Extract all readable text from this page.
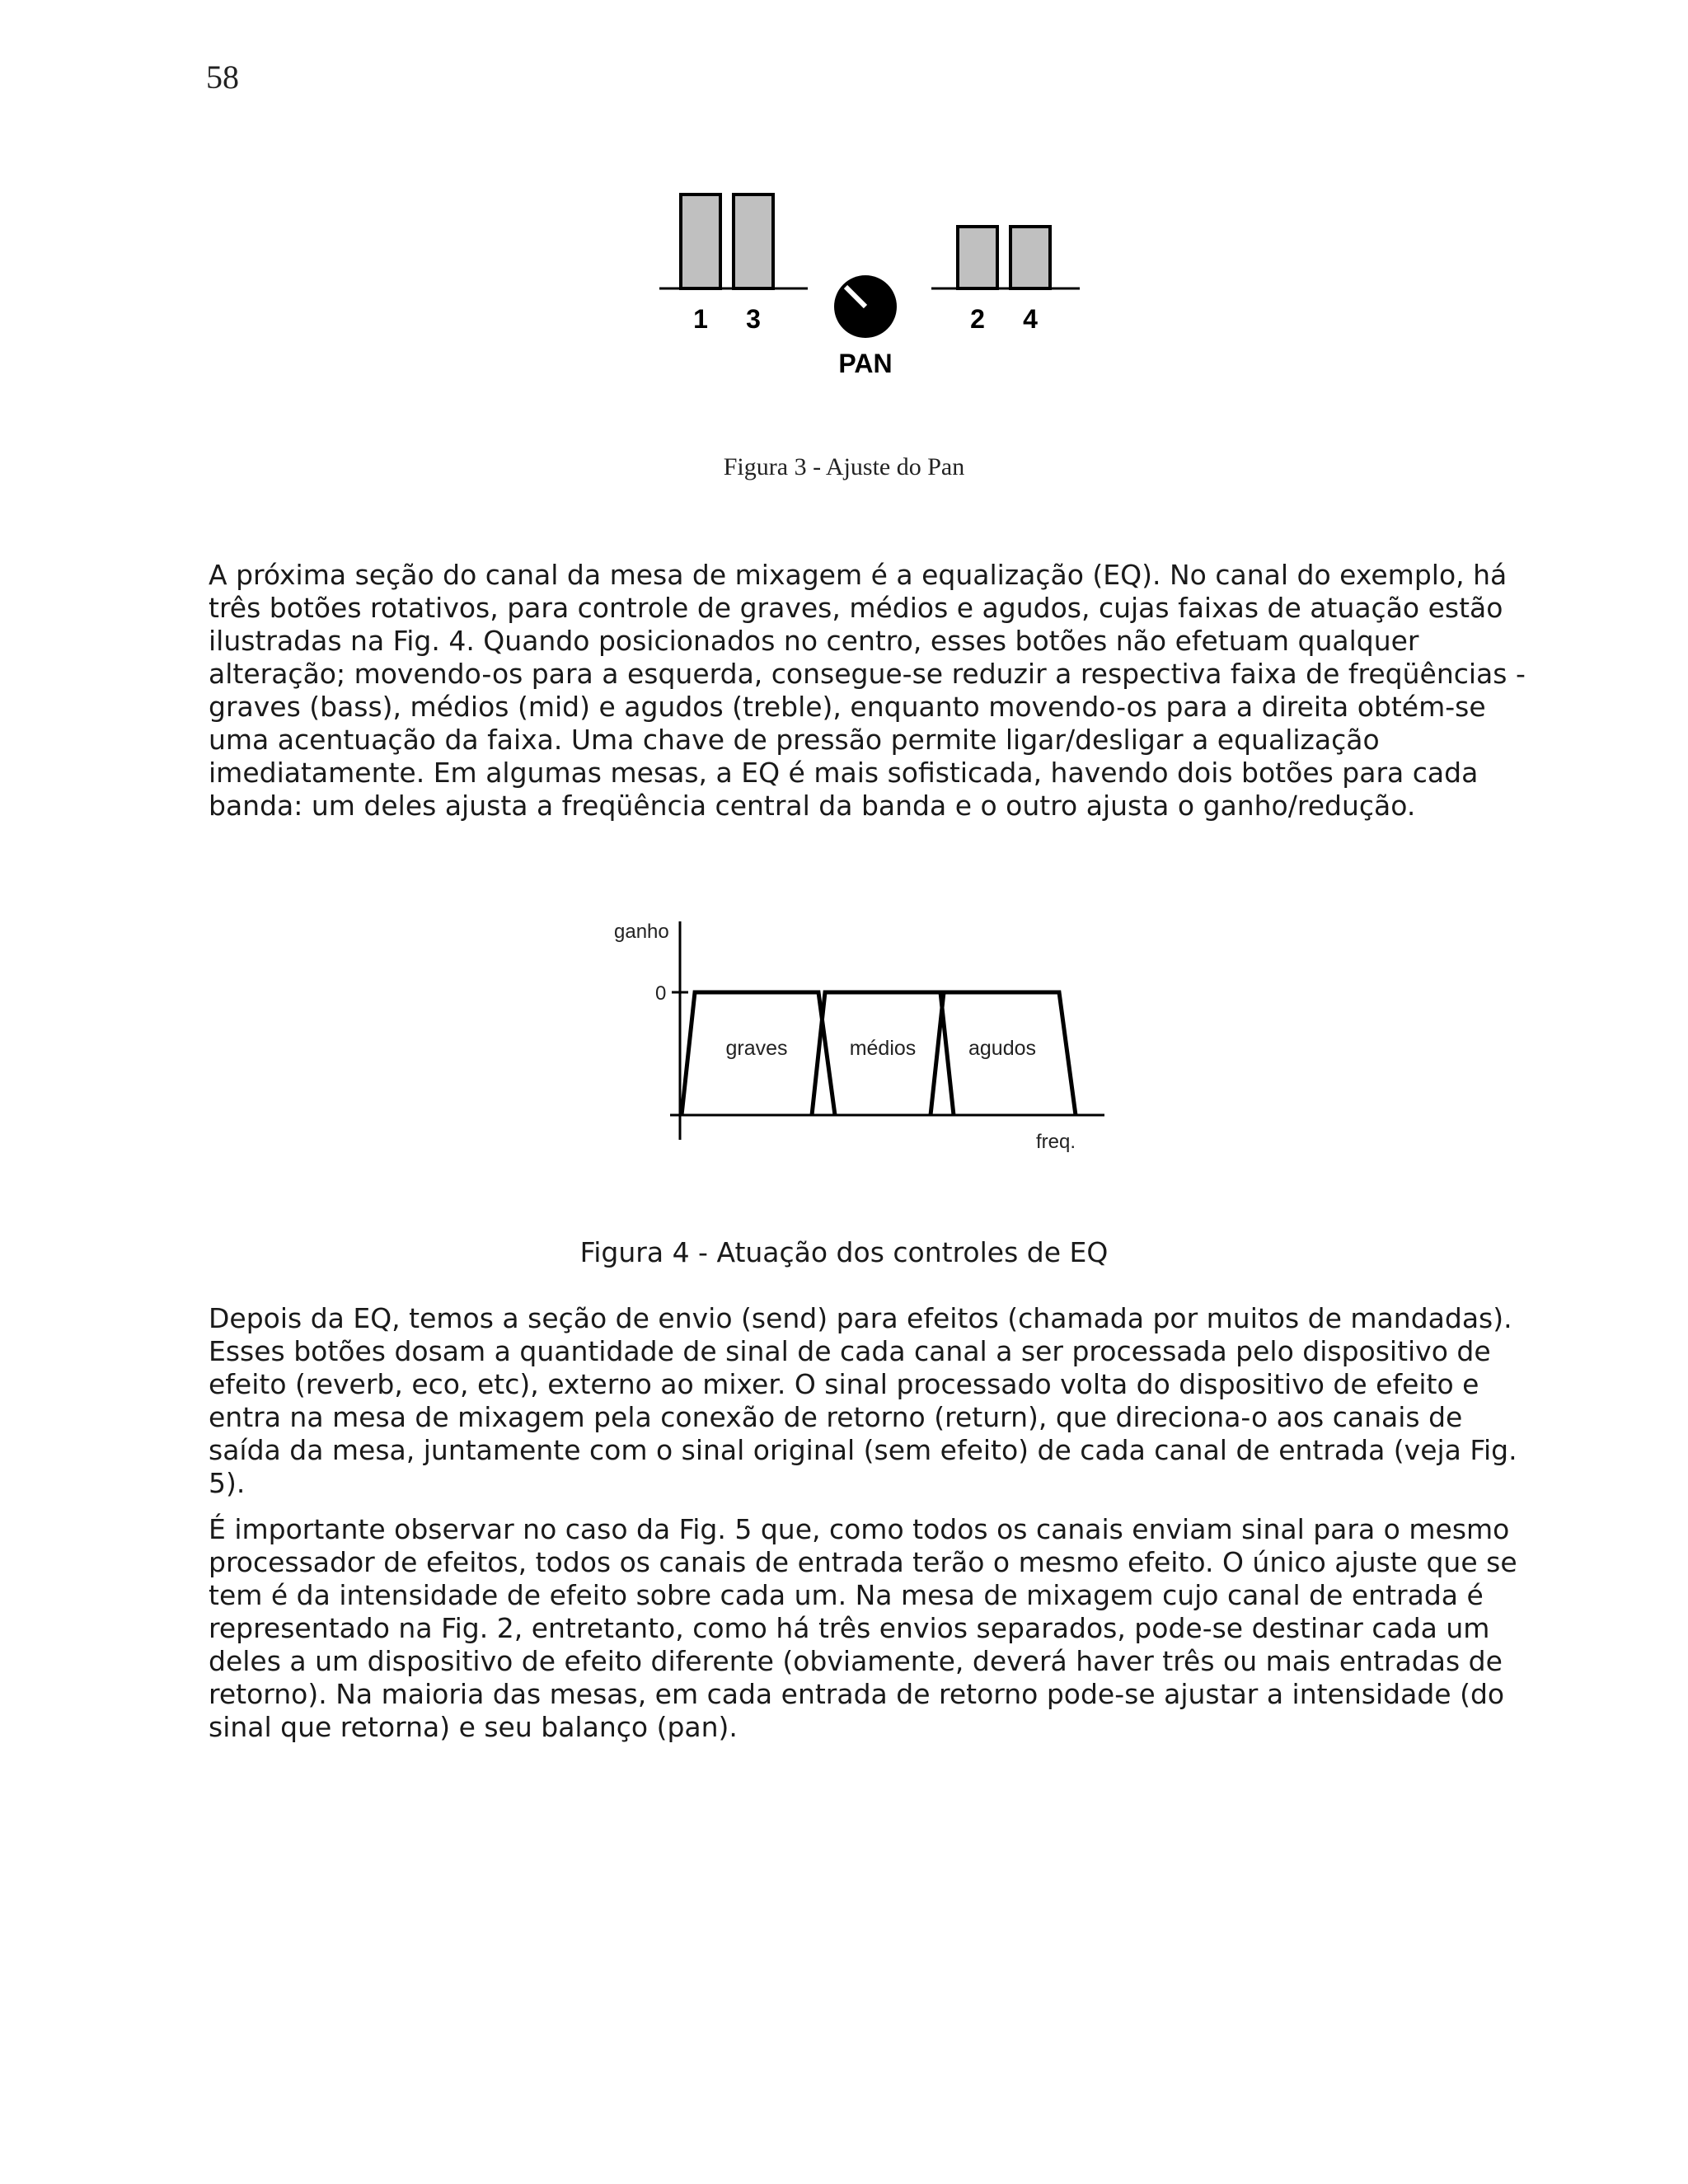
58
1 3	2 4
PAN
Figura 3 - Ajuste do Pan

A próxima seção do canal da mesa de mixagem é a equalização (EQ). No canal do exemplo, há três botões rotativos, para controle de graves, médios e agudos, cujas faixas de atuação estão ilustradas na Fig. 4. Quando posicionados no centro, esses botões não efetuam qualquer alteração; movendo-os para a esquerda, consegue-se reduzir a respectiva faixa de freqüências - graves (bass), médios (mid) e agudos (treble), enquanto movendo-os para a direita obtém-se uma acentuação da faixa. Uma chave de pressão permite ligar/desligar a equalização imediatamente. Em algumas mesas, a EQ é mais sofisticada, havendo dois botões para cada banda: um deles ajusta a freqüência central da banda e o outro ajusta o ganho/redução.

ganho
0
freq.
graves	médios	agudos
Figura 4 - Atuação dos controles de EQ

Depois da EQ, temos a seção de envio (send) para efeitos (chamada por muitos de mandadas). Esses botões dosam a quantidade de sinal de cada canal a ser processada pelo dispositivo de efeito (reverb, eco, etc), externo ao mixer. O sinal processado volta do dispositivo de efeito e entra na mesa de mixagem pela conexão de retorno (return), que direciona-o aos canais de saída da mesa, juntamente com o sinal original (sem efeito) de cada canal de entrada (veja Fig. 5).

É importante observar no caso da Fig. 5 que, como todos os canais enviam sinal para o mesmo processador de efeitos, todos os canais de entrada terão o mesmo efeito. O único ajuste que se tem é da intensidade de efeito sobre cada um. Na mesa de mixagem cujo canal de entrada é representado na Fig. 2, entretanto, como há três envios separados, pode-se destinar cada um deles a um dispositivo de efeito diferente (obviamente, deverá haver três ou mais entradas de retorno). Na maioria das mesas, em cada entrada de retorno pode-se ajustar a intensidade (do sinal que retorna) e seu balanço (pan).
